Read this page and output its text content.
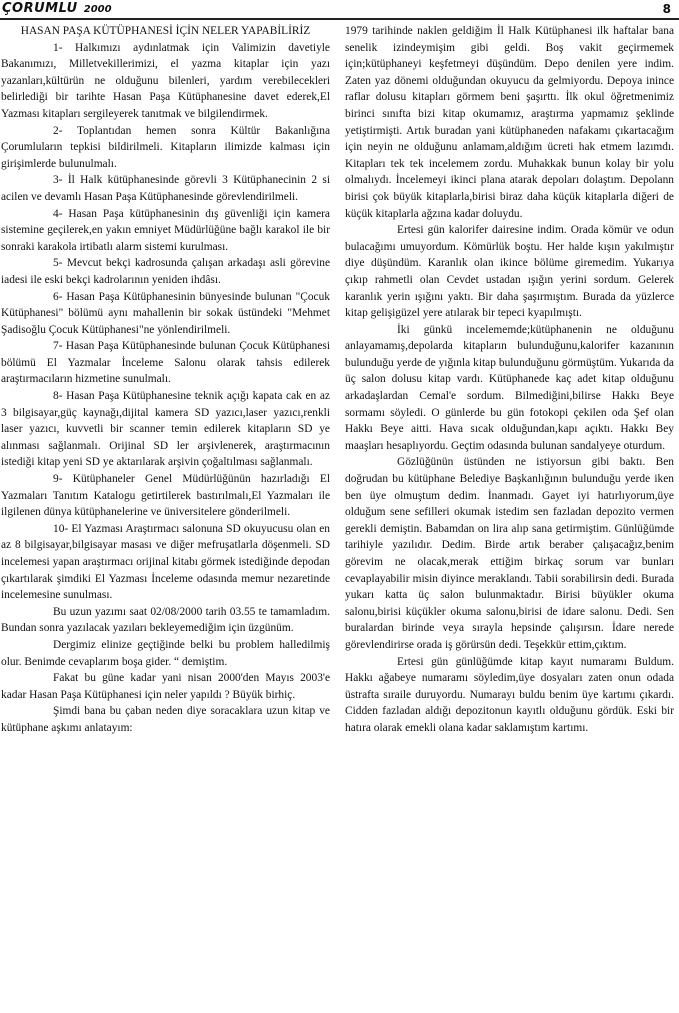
ÇORUMLU 2000	8

HASAN PAŞA KÜTÜPHANESİ İÇİN NELER YAPABİLİRİZ

1- Halkımızı aydınlatmak için Valimizin davetiyle Bakanımızı, Milletvekillerimizi, el yazma kitaplar için yazı yazanları,kültürün ne olduğunu bilenleri, yardım verebilecekleri belirlediği bir tarihte Hasan Paşa Kütüphanesine davet ederek,El Yazması kitapları sergileyerek tanıtmak ve bilgilendirmek.

2- Toplantıdan hemen sonra Kültür Bakanlığına Çorumluların tepkisi bildirilmeli. Kitapların ilimizde kalması için girişimlerde bulunulmalı.

3- İl Halk kütüphanesinde görevli 3 Kütüphanecinin 2 si acilen ve devamlı Hasan Paşa Kütüphanesinde görevlendirilmeli.

4- Hasan Paşa kütüphanesinin dış güvenliği için kamera sistemine geçilerek,en yakın emniyet Müdürlüğüne bağlı karakol ile bir sonraki karakola irtibatlı alarm sistemi kurulması.

5- Mevcut bekçi kadrosunda çalışan arkadaşı asli görevine iadesi ile eski bekçi kadrolarının yeniden ihdâsı.

6- Hasan Paşa Kütüphanesinin bünyesinde bulunan "Çocuk Kütüphanesi" bölümü aynı mahallenin bir sokak üstündeki "Mehmet Şadisoğlu Çocuk Kütüphanesi"ne yönlendirilmeli.

7- Hasan Paşa Kütüphanesinde bulunan Çocuk Kütüphanesi bölümü El Yazmalar İnceleme Salonu olarak tahsis edilerek araştırmacıların hizmetine sunulmalı.

8- Hasan Paşa Kütüphanesine teknik açığı kapata cak en az 3 bilgisayar,güç kaynağı,dijital kamera SD yazıcı,laser yazıcı,renkli laser yazıcı, kuvvetli bir scanner temin edilerek kitapların SD ye alınması sağlanmalı. Orijinal SD ler arşivlenerek, araştırmacının istediği kitap yeni SD ye aktarılarak arşivin çoğaltılması sağlanmalı.

9- Kütüphaneler Genel Müdürlüğünün hazırladığı El Yazmaları Tanıtım Katalogu getirtilerek bastırılmalı,El Yazmaları ile ilgilenen dünya kütüphanelerine ve üniversitelere gönderilmeli.

10- El Yazması Araştırmacı salonuna SD okuyucusu olan en az 8 bilgisayar,bilgisayar masası ve diğer mefruşatlarla döşenmeli. SD incelemesi yapan araştırmacı orijinal kitabı görmek istediğinde depodan çıkartılarak şimdiki El Yazması İnceleme odasında memur nezaretinde incelemesine sunulması.

Bu uzun yazımı saat 02/08/2000 tarih 03.55 te tamamladım. Bundan sonra yazılacak yazıları bekleyemediğim için üzgünüm.

Dergimiz elinize geçtiğinde belki bu problem halledilmiş olur. Benimde cevaplarım boşa gider. “ demiştim.

Fakat bu güne kadar yani nisan 2000'den Mayıs 2003'e kadar Hasan Paşa Kütüphanesi için neler yapıldı ? Büyük birhiç.

Şimdi bana bu çaban neden diye soracaklara uzun kitap ve kütüphane aşkımı anlatayım:

1979 tarihinde naklen geldiğim İl Halk Kütüphanesi ilk haftalar bana senelik izindeymişim gibi geldi. Boş vakit geçirmemek için;kütüphaneyi keşfetmeyi düşündüm. Depo denilen yere indim. Zaten yaz dönemi olduğundan okuyucu da gelmiyordu. Depoya inince raflar dolusu kitapları görmem beni şaşırttı. İlk okul öğretmenimiz birinci sınıfta bizi kitap okumamız, araştırma yapmamız şeklinde yetiştirmişti. Artık buradan yani kütüphaneden nafakamı çıkartacağım için neyin ne olduğunu anlamam,aldığım ücreti hak etmem lazımdı. Kitapları tek tek incelemem zordu. Muhakkak bunun kolay bir yolu olmalıydı. İncelemeyi ikinci plana atarak depoları dolaştım. Depolann birisi çok büyük kitaplarla,birisi biraz daha küçük kitaplarla diğeri de küçük kitaplarla ağzına kadar doluydu.

Ertesi gün kalorifer dairesine indim. Orada kömür ve odun bulacağımı umuyordum. Kömürlük boştu. Her halde kışın yakılmıştır diye düşündüm. Karanlık olan ikince bölüme giremedim. Yukarıya çıkıp rahmetli olan Cevdet ustadan ışığın yerini sordum. Gelerek karanlık yerin ışığını yaktı. Bir daha şaşırmıştım. Burada da yüzlerce kitap gelişigüzel yere atılarak bir tepeci kyapılmıştı.

İki günkü incelememde;kütüphanenin ne olduğunu anlayamamış,depolarda kitapların bulunduğunu,kalorifer kazanının bulunduğu yerde de yığınla kitap bulunduğunu görmüştüm. Yukarıda da üç salon dolusu kitap vardı. Kütüphanede kaç adet kitap olduğunu arkadaşlardan Cemal'e sordum. Bilmediğini,bilirse Hakkı Beye sormamı söyledi. O günlerde bu gün fotokopi çekilen oda Şef olan Hakkı Beye aitti. Hava sıcak olduğundan,kapı açıktı. Hakkı Bey maaşları hesaplıyordu. Geçtim odasında bulunan sandalyeye oturdum.

Gözlüğünün üstünden ne istiyorsun gibi baktı. Ben doğrudan bu kütüphane Belediye Başkanlığının bulunduğu yerde iken ben üye olmuştum dedim. İnanmadı. Gayet iyi hatırlıyorum,üye olduğum sene sefilleri okumak istedim sen fazladan depozito vermen gerekli demiştin. Babamdan on lira alıp sana getirmiştim. Günlüğümde tarihiyle yazılıdır. Dedim. Birde artık beraber çalışacağız,benim görevim ne olacak,merak ettiğim birkaç sorum var bunları cevaplayabilir misin diyince meraklandı. Tabii sorabilirsin dedi. Burada yukarı katta üç salon bulunmaktadır. Birisi büyükler okuma salonu,birisi küçükler okuma salonu,birisi de idare salonu. Dedi. Sen buralardan birinde veya sırayla hepsinde çalışırsın. İdare nerede görevlendirirse orada iş görürsün dedi. Teşekkür ettim,çıktım.

Ertesi gün günlüğümde kitap kayıt numaramı Buldum. Hakkı ağabeye numaramı söyledim,üye dosyaları zaten onun odada üstrafta sıraile duruyordu. Numarayı buldu benim üye kartımı çıkardı. Cidden fazladan aldığı depozitonun kayıtlı olduğunu gördük. Eski bir hatıra olarak emekli olana kadar saklamıştım kartımı.
